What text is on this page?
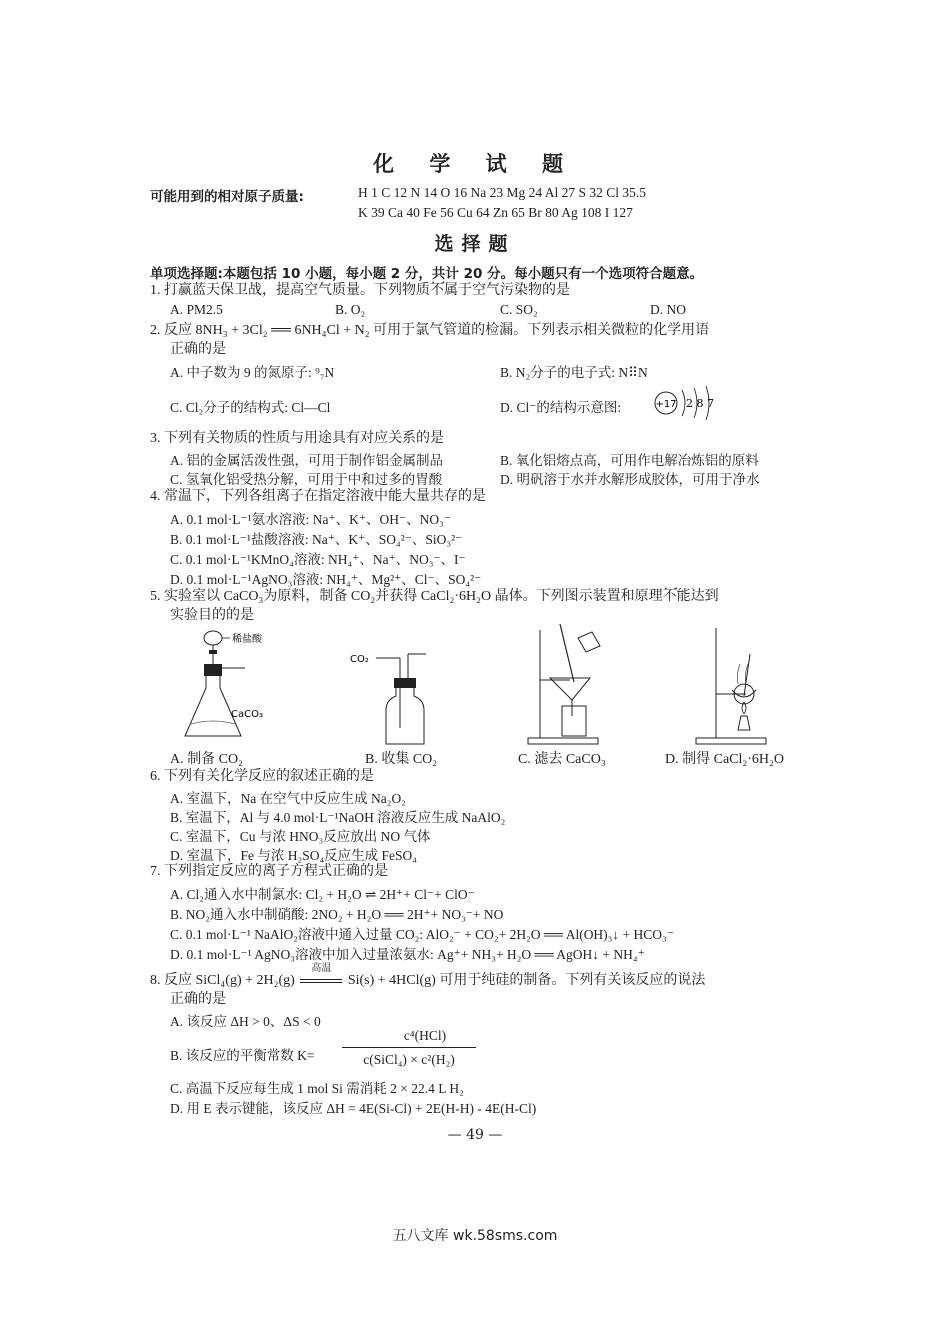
化 学 试 题
可能用到的相对原子质量:	H 1 C 12 N 14 O 16 Na 23 Mg 24 Al 27 S 32 Cl 35.5
K 39 Ca 40 Fe 56 Cu 64 Zn 65 Br 80 Ag 108 I 127
选择题
单项选择题:本题包括 10 小题，每小题 2 分，共计 20 分。每小题只有一个选项符合题意。
1. 打赢蓝天保卫战，提高空气质量。下列物质不属于 • •空气污染物的是
A. PM2.5	B. O₂	C. SO₂	D. NO
2. 反应 8NH₃ + 3Cl₂ ══ 6NH₄Cl + N₂ 可用于氯气管道的检漏。下列表示相关微粒的化学用语
正确的是
A. 中子数为 9 的氮原子: ⁹₇N	B. N₂分子的电子式: N⠿N
C. Cl₂分子的结构式: Cl—Cl	D. Cl⁻的结构示意图:	+17 2 8 7
3. 下列有关物质的性质与用途具有对应关系的是
A. 铝的金属活泼性强，可用于制作铝金属制品	B. 氧化铝熔点高，可用作电解冶炼铝的原料
C. 氢氧化铝受热分解，可用于中和过多的胃酸	D. 明矾溶于水并水解形成胶体，可用于净水
4. 常温下，下列各组离子在指定溶液中能大量共存的是
A. 0.1 mol·L⁻¹氨水溶液: Na⁺、K⁺、OH⁻、NO₃⁻
B. 0.1 mol·L⁻¹盐酸溶液: Na⁺、K⁺、SO₄²⁻、SiO₃²⁻
C. 0.1 mol·L⁻¹KMnO₄溶液: NH₄⁺、Na⁺、NO₃⁻、I⁻
D. 0.1 mol·L⁻¹AgNO₃溶液: NH₄⁺、Mg²⁺、Cl⁻、SO₄²⁻
5. 实验室以 CaCO₃为原料，制备 CO₂并获得 CaCl₂·6H₂O 晶体。下列图示装置和原理不能 • •达到
实验目的的是
稀盐酸
CaCO₃
CO₂
A. 制备 CO₂	B. 收集 CO₂	C. 滤去 CaCO₃	D. 制得 CaCl₂·6H₂O
6. 下列有关化学反应的叙述正确的是
A. 室温下，Na 在空气中反应生成 Na₂O₂
B. 室温下，Al 与 4.0 mol·L⁻¹NaOH 溶液反应生成 NaAlO₂
C. 室温下，Cu 与浓 HNO₃反应放出 NO 气体
D. 室温下，Fe 与浓 H₂SO₄反应生成 FeSO₄
7. 下列指定反应的离子方程式正确的是
A. Cl₂通入水中制氯水: Cl₂ + H₂O ⇌ 2H⁺+ Cl⁻+ ClO⁻
B. NO₂通入水中制硝酸: 2NO₂ + H₂O ══ 2H⁺+ NO₃⁻+ NO
C. 0.1 mol·L⁻¹ NaAlO₂溶液中通入过量 CO₂: AlO₂⁻ + CO₂+ 2H₂O ══ Al(OH)₃↓ + HCO₃⁻
D. 0.1 mol·L⁻¹ AgNO₃溶液中加入过量浓氨水: Ag⁺+ NH₃+ H₂O ══ AgOH↓ + NH₄⁺
8. 反应 SiCl₄(g) + 2H₂(g)
高温
Si(s) + 4HCl(g) 可用于纯硅的制备。下列有关该反应的说法
正确的是
A. 该反应 ΔH > 0、ΔS < 0
B. 该反应的平衡常数 K=
c⁴(HCl)
c(SiCl₄) × c²(H₂)
C. 高温下反应每生成 1 mol Si 需消耗 2 × 22.4 L H₂
D. 用 E 表示键能，该反应 ΔH = 4E(Si-Cl) + 2E(H-H) - 4E(H-Cl)
— 49 —
五八文库 wk.58sms.com
